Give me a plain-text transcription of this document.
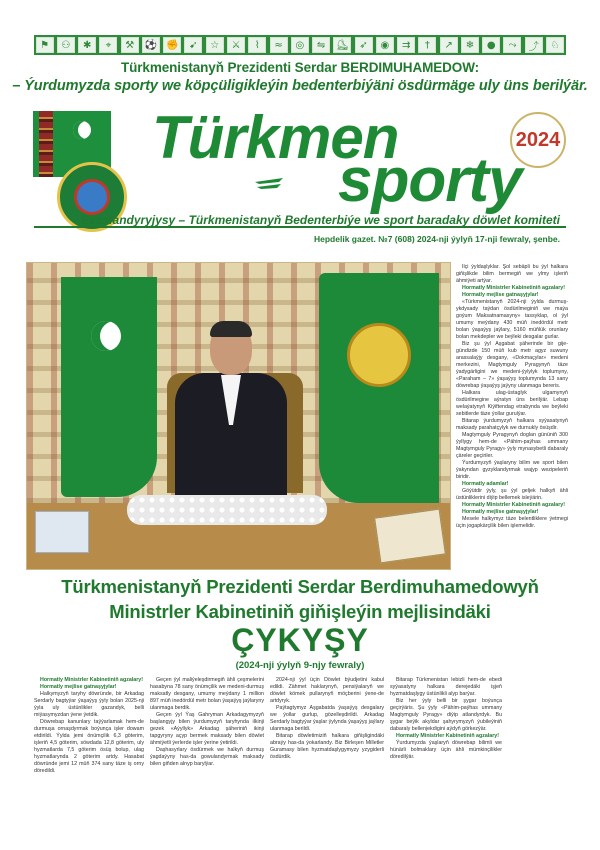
⚑	⚇	✱	⌖	⚒	⚽ ✊	➹	☆	⚔	⌇	≈	◎	⇋	⛸	➶	◉	⇉	†	↗	❄	●	⤳	⤴	♘
Türkmenistanyň Prezidenti Serdar BERDIMUHAMEDOW:
– Ýurdumyzda sporty we köpçüligikleýin bedenterbiýäni ösdürmäge uly üns berilýär.
Türkmen
sporty
2024
Esaslandyryjysy – Türkmenistanyň Bedenterbiýe we sport baradaky döwlet komiteti
Hepdelik gazet. №7 (608) 2024-nji ýylyň 17-nji fewraly, şenbe.
Türkmenistanyň Prezidenti Serdar Berdimuhamedowyň
Ministrler Kabinetiniň giňişleýin mejlisindäki
ÇYKYŞY
(2024-nji ýylyň 9-njy fewraly)

Hormatly Ministrler Kabinetiniň agzalary!

Hormatly mejlise gatnaşyjylar!

Halkymyzyň taryhy döwründe, bir Arkadag Serdarly bagtyýar ýaşaýyş ýyly bolan 2025-nji ýyla uly üstünlikler gazandyk, belli miýasymyzdan ýene ýetdik.

Döwrebap kanunlary taýýarlamak hem-de durmuşa ornaşdyrmak boýunça işler dowam etdirildi. Ýylda jemi önümçilik 6,3 göterim, işleriň 4,5 göterim, söwdada 12,8 göterim, uly hyzmatlarda 7,5 göterim ösüş bolup, ulag hyzmatlarynda 2 göterim artdy. Hasabat döwründe jemi 12 müň 374 sany täze iş orny döredildi.

Geçen ýyl maliýeleşdirmegiň ähli çeşmelerini hasabyna 78 sany önümçilik we medeni-durmuş maksatly desgany, umumy meýdany 1 million 897 müň inedördül metr bolan ýaşaýyş jaýlaryny ulanmaga berdik.

Geçen ýyl Ýaş Gahryman Arkadagymyzyň başlangyjy bilen ýurdumyzyň taryhynda ilkinji gezek «Aýyllyk» Arkadag şäheriniň ikinji tapgyryny açyp bermek maksady bilen döwlet ähmiýetli ýerlerde işler ýerine ýetirildi.

Daşhasyrlary ösdürmek we halkyň durmuş ýagdaýyny has-da gowulandyrmak maksady bilen giňden alnyp barylýar.

2024-nji ýyl üçin Döwlet býudjetini kabul edildi. Zähmet haklarynyň, pensiýalaryň we döwlet kömek pullarynyň möçberini ýene-de artdyryk.

Paýtagtymyz Aşgabatda ýaşaýyş desgalary we ýollar gurlup, gözelleşdirildi. Arkadag Serdarly bagtyýar ýaşlar ýylynda ýaşaýyş jaýlary ulanmaga berildi.

Bitarap döwletimiziň halkara giňişligindäki abraýy has-da ýokarlandy. Biz Birleşen Milletler Guramasy bilen hyzmatdaşlygymyzy yzygiderli ösdürdik.

Bitarap Türkmenistan lebizli hem-de ebedi syýasatyny halkara derejedäki işjeň hyzmatdaşlygy üstünlikli alyp barýar.

Biz her ýyly belli bir şygar boýunça geçirýäris. Şu ýyly «Pähim-paýhas ummany Magtymguly Pyragy» diýip atlandyrdyk. Bu şygar beýik akyldar şahyrymyzyň ýubileýiniň dabaraly bellenjekdigini aýdyň görkezýär.

Hormatly Ministrler Kabinetiniň agzalary!

Ýurdumyzda ýaşlaryň döwrebap bilimli we hünärli bolmaklary üçin ähli mümkinçilikler döredilýär.

Ilçi ýyldaşlyklar. Şol sebäpli bu ýyl halkara giňişlikde bilim bermegiň we ylmy işleriň ähmiýeti artýar.

Hormatly Ministrler Kabinetiniň agzalary!

Hormatly mejlise gatnaşyjylar!

«Türkmenistanyň 2024-nji ýylda durmuş-ykdysady taýdan ösdürilmeginiň we maýa goýum Maksatnamasyny» tassyklap, ol ýyl umumy meýdany 430 müň inedördül metr bolan ýaşaýyş jaýlary, 5160 müňlük orunlary bolan mekdepler we beýleki desgalar gurlar.

Biz şu ýyl Aşgabat şäherinde bir gije-gündizde 150 müň kub metr agyz suwuny arassalaýjy desgany, «Dokmaçylar» medeni merkezini, Magtymguly Pyragynyň täze ýadygärligini we medeni-ýylylyk toplumyny, «Paraham – 7» ýaşaýyş toplumynda 13 sany döwrebap ýaşaýyş jaýyny ulanmaga bereris.

Halkara ulag-üstaglyk ulgamynyň ösdürilmegine aýratyn üns berilýär. Lebap welaýatynyň Kiýiftendag etrabynda we beýleki sebitlerde täze ýollar gurulýar.

Bitarap ýurdumyzyň halkara syýasatynyň maksady parahatçylyk we durnukly ösüşdir.

Magtymguly Pyragynyň doglan gününiň 300 ýyllygy hem-de «Pähim-paýhas ummany Magtymguly Pyragy» ýyly mynasybetli dabaraly çäreler geçiriler.

Ýurdumyzyň ýaşlaryny bilim we sport bilen ýakyndan gyzyklandyrmak wajyp wezipeleriň biridir.

Hormatly adamlar!

Göýütdir ýyly, şu ýyl geljek halkyň ähli üstünliklerini diýip bellemek isleýärin.

Hormatly Ministrler Kabinetiniň agzalary!

Hormatly mejlise gatnaşyjylar!

Mesele halkymyz täze belentliklere ýetmegi üçin jogapkärçilik bilen işlemelidir.
